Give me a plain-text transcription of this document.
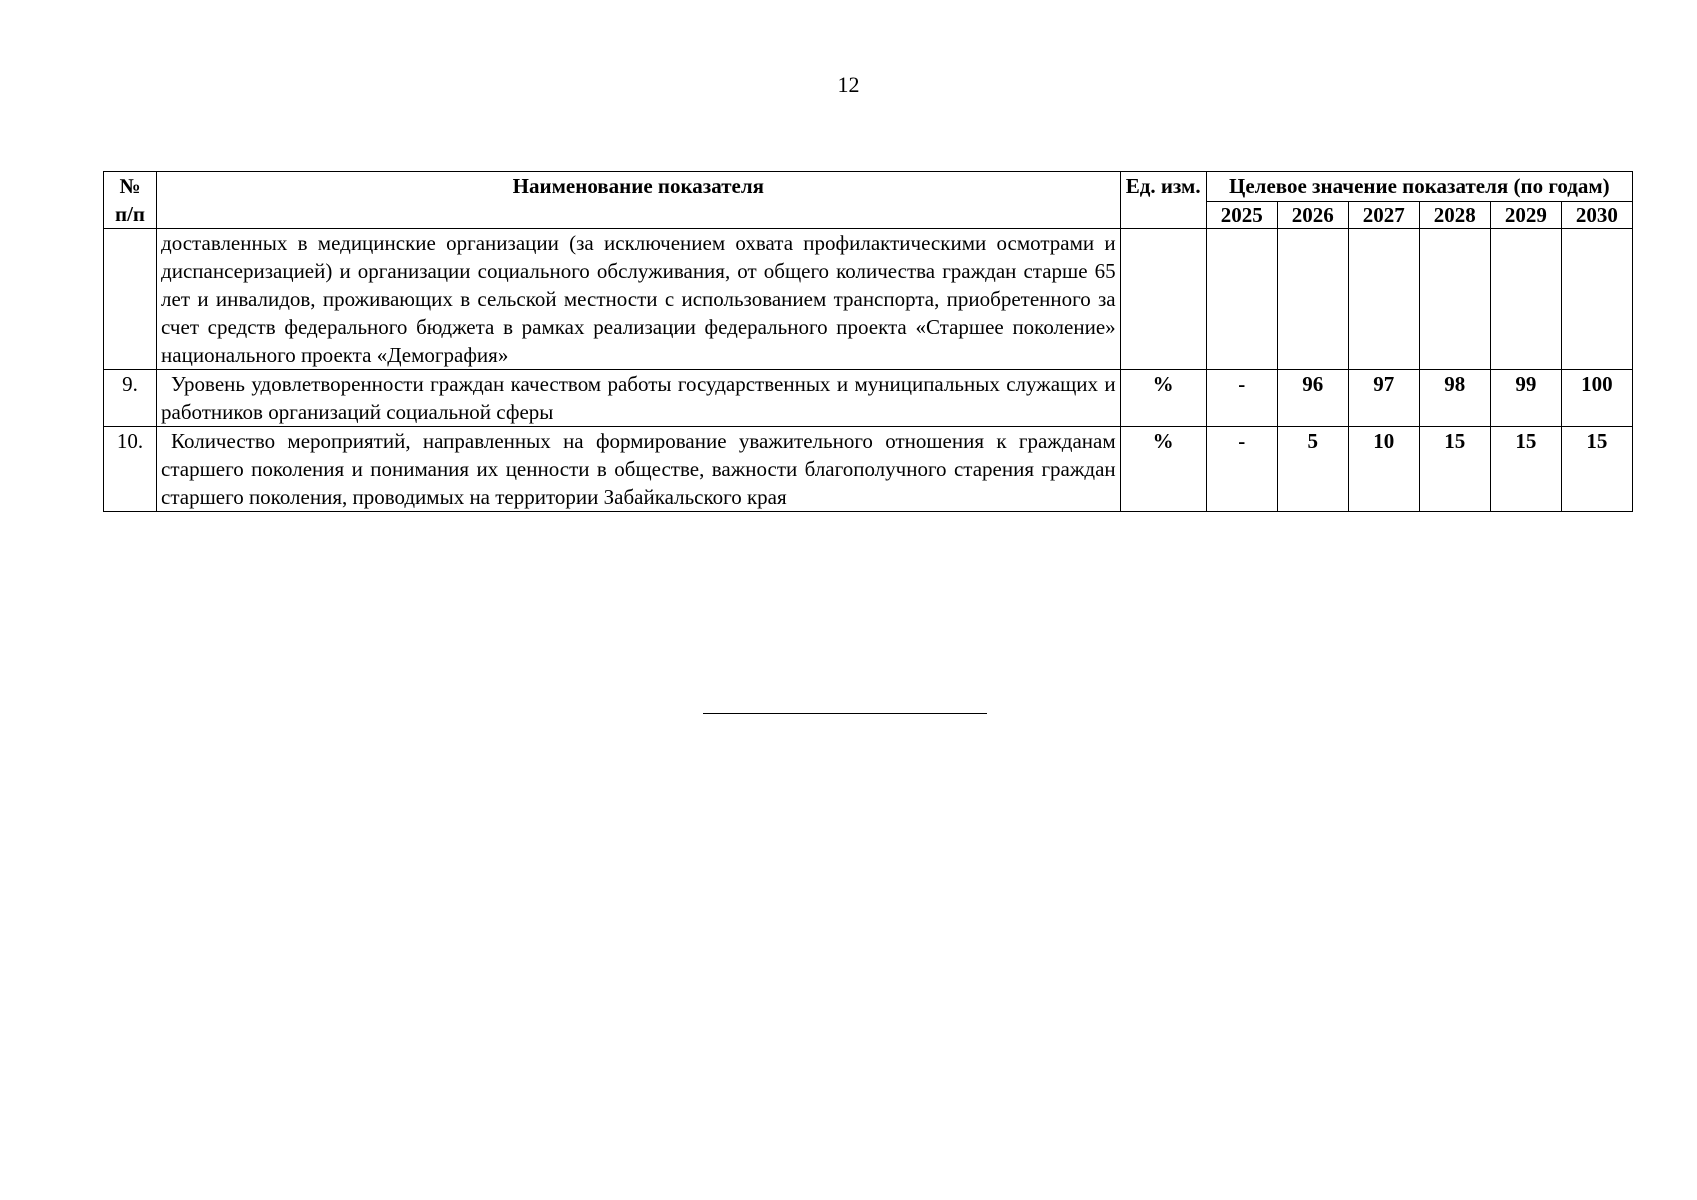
12
№ п/п	Наименование показателя	Ед. изм.	Целевое значение показателя (по годам)					
			2025	2026	2027	2028	2029	2030
	доставленных в медицинские организации (за исключением охвата профилактическими осмотрами и диспансеризацией) и организации социального обслуживания, от общего количества граждан старше 65 лет и инвалидов, проживающих в сельской местности с использованием транспорта, приобретенного за счет средств федерального бюджета в рамках реализации федерального проекта «Старшее поколение» национального проекта «Демография»							
9.	Уровень удовлетворенности граждан качеством работы государственных и муниципальных служащих и работников организаций социальной сферы	%	-	96	97	98	99	100
10.	Количество мероприятий, направленных на формирование уважительного отношения к гражданам старшего поколения и понимания их ценности в обществе, важности благополучного старения граждан старшего поколения, проводимых на территории Забайкальского края	%	-	5	10	15	15	15
